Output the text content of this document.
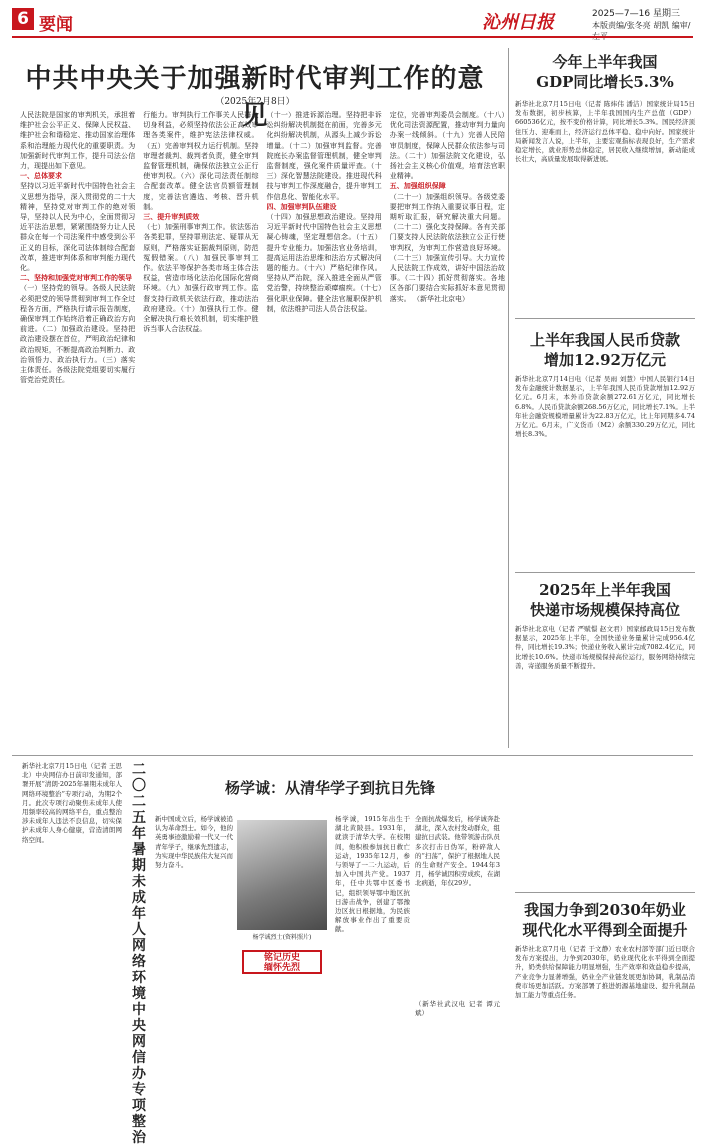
6 要闻	沁州日报	2025—7—16 星期三
本版责编/张冬亮 胡凯 编审/
中共中央关于加强新时代审判工作的意见
（2025年2月8日）
人民法院是国家的审判机关，承担着维护社会公平正义、保障人民权益、维护社会和谐稳定、推动国家治理体系和治理能力现代化的重要职责。为加强新时代审判工作，提升司法公信力，现提出如下意见。
一、总体要求
坚持以习近平新时代中国特色社会主义思想为指导，深入贯彻党的二十大精神，坚持党对审判工作的绝对领导，坚持以人民为中心，全面贯彻习近平法治思想，紧紧围绕努力让人民群众在每一个司法案件中感受到公平正义的目标，深化司法体制综合配套改革，推进审判体系和审判能力现代化。
二、坚持和加强党对审判工作的领导
（一）坚持党的领导。各级人民法院必须把党的领导贯彻到审判工作全过程各方面，严格执行请示报告制度，确保审判工作始终沿着正确政治方向前进。（二）加强政治建设。坚持把政治建设摆在首位，严明政治纪律和政治规矩，不断提高政治判断力、政治领悟力、政治执行力。（三）落实主体责任。各级法院党组要切实履行管党治党责任。
行能力。审判执行工作事关人民群众切身利益，必须坚持依法公正高效审理各类案件，维护宪法法律权威。（五）完善审判权力运行机制。坚持审理者裁判、裁判者负责，健全审判监督管理机制，确保依法独立公正行使审判权。（六）深化司法责任制综合配套改革。健全法官员额管理制度，完善法官遴选、考核、晋升机制。
三、提升审判质效
（七）加强刑事审判工作。依法惩治各类犯罪，坚持罪刑法定、疑罪从无原则，严格落实证据裁判原则，防范冤假错案。（八）加强民事审判工作。依法平等保护各类市场主体合法权益，营造市场化法治化国际化营商环境。（九）加强行政审判工作。监督支持行政机关依法行政，推动法治政府建设。（十）加强执行工作。健全解决执行难长效机制，切实维护胜诉当事人合法权益。
（十一）推进诉源治理。坚持把非诉讼纠纷解决机制挺在前面，完善多元化纠纷解决机制，从源头上减少诉讼增量。（十二）加强审判监督。完善院庭长办案监督管理机制，健全审判监督制度，强化案件质量评查。（十三）深化智慧法院建设。推进现代科技与审判工作深度融合，提升审判工作信息化、智能化水平。
四、加强审判队伍建设
（十四）加强思想政治建设。坚持用习近平新时代中国特色社会主义思想凝心铸魂，坚定理想信念。（十五）提升专业能力。加强法官业务培训，提高运用法治思维和法治方式解决问题的能力。（十六）严格纪律作风。坚持从严治院，深入推进全面从严管党治警，持续整治顽瘴痼疾。（十七）强化职业保障。健全法官履职保护机制，依法维护司法人员合法权益。
定位，完善审判委员会制度。（十八）优化司法资源配置，推动审判力量向办案一线倾斜。（十九）完善人民陪审员制度，保障人民群众依法参与司法。（二十）加强法院文化建设，弘扬社会主义核心价值观，培育法官职业精神。
五、加强组织保障
（二十一）加强组织领导。各级党委要把审判工作纳入重要议事日程，定期听取汇报，研究解决重大问题。（二十二）强化支持保障。各有关部门要支持人民法院依法独立公正行使审判权，为审判工作营造良好环境。（二十三）加强宣传引导。大力宣传人民法院工作成效，讲好中国法治故事。（二十四）抓好贯彻落实。各地区各部门要结合实际抓好本意见贯彻落实。 （新华社北京电）
今年上半年我国
GDP同比增长5.3%
新华社北京7月15日电（记者 陈炜伟 潘洁）国家统计局15日发布数据，初步核算，上半年我国国内生产总值（GDP）660536亿元，按不变价格计算，同比增长5.3%。国民经济顶住压力、迎难而上，经济运行总体平稳、稳中向好。国家统计局新闻发言人说，上半年，主要宏观指标表现良好，生产需求稳定增长，就业形势总体稳定，居民收入继续增加，新动能成长壮大，高质量发展取得新进展。
上半年我国人民币贷款
增加12.92万亿元
新华社北京7月14日电（记者 吴雨 刘慧）中国人民银行14日发布金融统计数据显示，上半年我国人民币贷款增加12.92万亿元。6月末，本外币贷款余额272.61万亿元，同比增长6.8%。人民币贷款余额268.56万亿元，同比增长7.1%。上半年社会融资规模增量累计为22.83万亿元，比上年同期多4.74万亿元。6月末，广义货币（M2）余额330.29万亿元，同比增长8.3%。
2025年上半年我国
快递市场规模保持高位
新华社北京电（记者 严赋憬 赵文君）国家邮政局15日发布数据显示，2025年上半年，全国快递业务量累计完成956.4亿件，同比增长19.3%；快递业务收入累计完成7082.4亿元，同比增长10.6%。快递市场规模保持高位运行，服务网络持续完善，寄递服务质量不断提升。
新华社北京7月15日电（记者 王思北）中央网信办日前印发通知，部署开展“清朗·2025年暑期未成年人网络环境整治”专项行动，为期2个月。此次专项行动聚焦未成年人使用频率较高的网络平台，重点整治涉未成年人违法不良信息，切实保护未成年人身心健康，营造清朗网络空间。
二〇二五年暑期未成年人网络环境中央网信办专项整治
杨学诚：从清华学子到抗日先锋
杨学诚烈士(资料照片)
铭记历史
缅怀先烈
杨学诚，1915年出生于湖北黄陂县。1931年，就读于清华大学。在校期间，他积极参加抗日救亡运动，1935年12月，参与领导了一二·九运动，后加入中国共产党。1937年，任中共鄂中区委书记，组织领导鄂中地区抗日游击战争，创建了鄂豫边区抗日根据地，为民族解放事业作出了重要贡献。
全面抗战爆发后，杨学诚奔赴湖北，深入农村发动群众，组建抗日武装。他带领游击队员多次打击日伪军，粉碎敌人的“扫荡”，保护了根据地人民的生命财产安全。1944年3月，杨学诚因积劳成疾，在湖北病逝，年仅29岁。
新中国成立后，杨学诚被追认为革命烈士。如今，他的英勇事迹激励着一代又一代青年学子，继承先烈遗志，为实现中华民族伟大复兴而努力奋斗。
（新华社武汉电 记者 谭元斌）
我国力争到2030年奶业
现代化水平得到全面提升
新华社北京7月电（记者 于文静）农业农村部等部门近日联合发布方案提出，力争到2030年，奶业现代化水平得到全面提升，奶类供给保障能力明显增强，生产效率和效益稳步提高，产业竞争力显著增强，奶业全产业链发展更加协调，乳制品消费市场更加活跃。方案部署了推进奶源基地建设、提升乳制品加工能力等重点任务。
